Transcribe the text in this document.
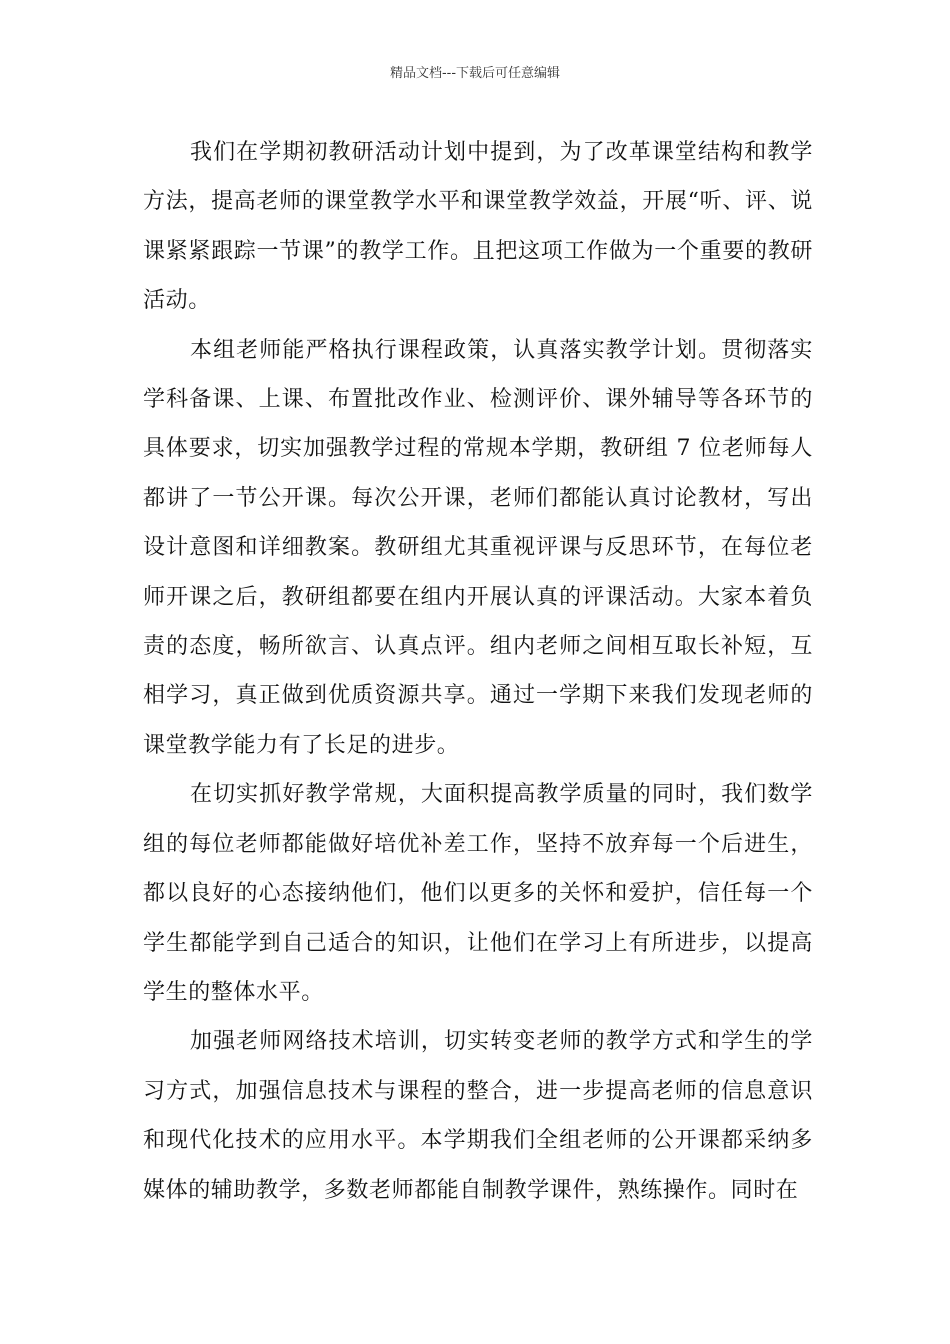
精品文档---下载后可任意编辑

我们在学期初教研活动计划中提到，为了改革课堂结构和教学方法，提高老师的课堂教学水平和课堂教学效益，开展“听、评、说课紧紧跟踪一节课”的教学工作。且把这项工作做为一个重要的教研活动。

本组老师能严格执行课程政策，认真落实教学计划。贯彻落实学科备课、上课、布置批改作业、检测评价、课外辅导等各环节的具体要求，切实加强教学过程的常规本学期，教研组 7 位老师每人都讲了一节公开课。每次公开课，老师们都能认真讨论教材，写出设计意图和详细教案。教研组尤其重视评课与反思环节，在每位老师开课之后，教研组都要在组内开展认真的评课活动。大家本着负责的态度，畅所欲言、认真点评。组内老师之间相互取长补短，互相学习，真正做到优质资源共享。通过一学期下来我们发现老师的课堂教学能力有了长足的进步。

在切实抓好教学常规，大面积提高教学质量的同时，我们数学组的每位老师都能做好培优补差工作，坚持不放弃每一个后进生，都以良好的心态接纳他们，他们以更多的关怀和爱护，信任每一个学生都能学到自己适合的知识，让他们在学习上有所进步，以提高学生的整体水平。

加强老师网络技术培训，切实转变老师的教学方式和学生的学习方式，加强信息技术与课程的整合，进一步提高老师的信息意识和现代化技术的应用水平。本学期我们全组老师的公开课都采纳多媒体的辅助教学，多数老师都能自制教学课件，熟练操作。同时在
